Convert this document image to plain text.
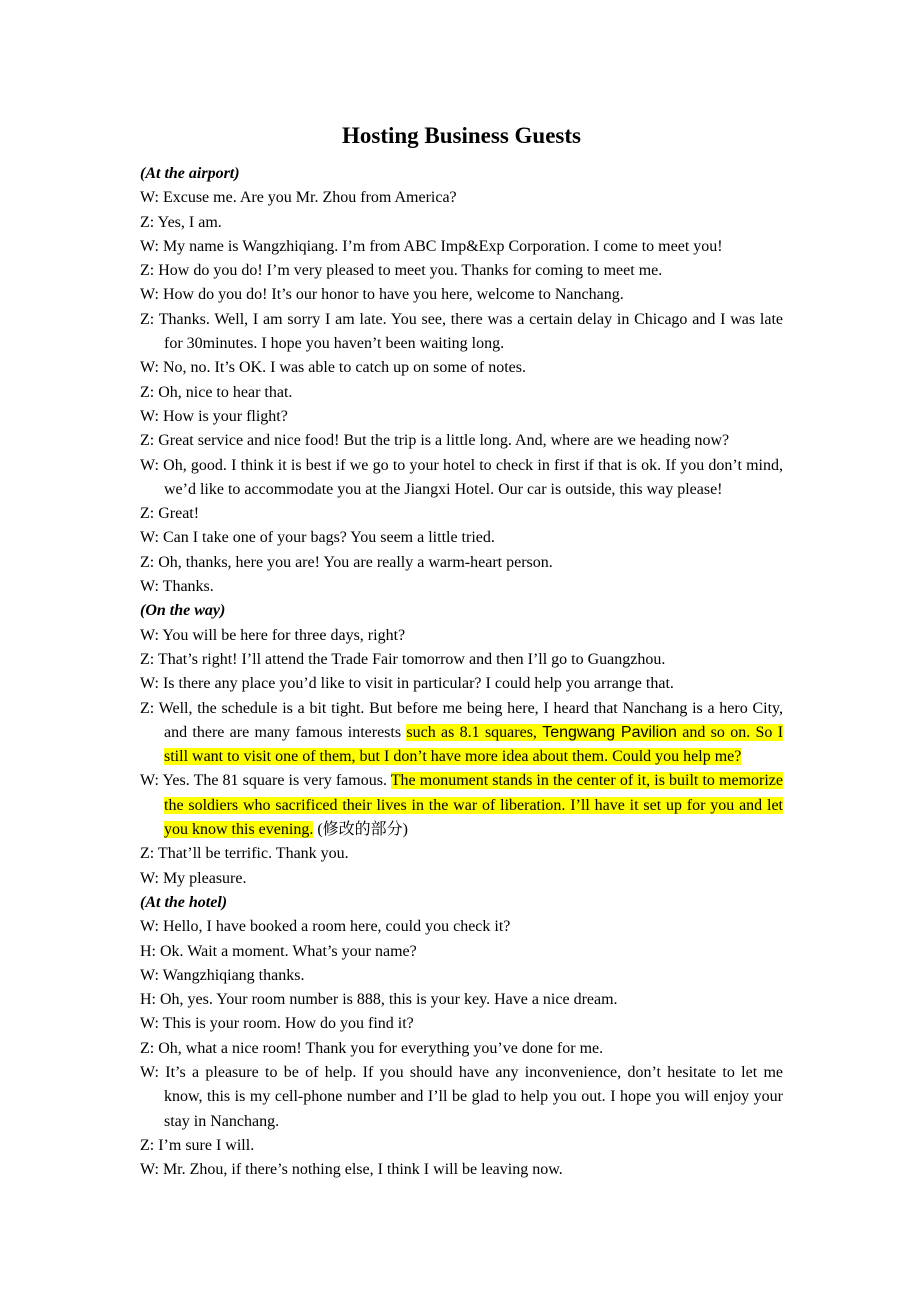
Hosting Business Guests

(At the airport)

W: Excuse me. Are you Mr. Zhou from America?

Z: Yes, I am.

W: My name is Wangzhiqiang. I’m from ABC Imp&Exp Corporation. I come to meet you!

Z: How do you do! I’m very pleased to meet you. Thanks for coming to meet me.

W: How do you do! It’s our honor to have you here, welcome to Nanchang.

Z: Thanks. Well, I am sorry I am late. You see, there was a certain delay in Chicago and I was late for 30minutes. I hope you haven’t been waiting long.

W: No, no. It’s OK. I was able to catch up on some of notes.

Z: Oh, nice to hear that.

W: How is your flight?

Z: Great service and nice food! But the trip is a little long. And, where are we heading now?

W: Oh, good. I think it is best if we go to your hotel to check in first if that is ok. If you don’t mind, we’d like to accommodate you at the Jiangxi Hotel. Our car is outside, this way please!

Z: Great!

W: Can I take one of your bags? You seem a little tried.

Z: Oh, thanks, here you are! You are really a warm-heart person.

W: Thanks.

(On the way)

W: You will be here for three days, right?

Z: That’s right! I’ll attend the Trade Fair tomorrow and then I’ll go to Guangzhou.

W: Is there any place you’d like to visit in particular? I could help you arrange that.

Z: Well, the schedule is a bit tight. But before me being here, I heard that Nanchang is a hero City, and there are many famous interests such as 8.1 squares, Tengwang Pavilion and so on. So I still want to visit one of them, but I don’t have more idea about them. Could you help me?

W: Yes. The 81 square is very famous. The monument stands in the center of it, is built to memorize the soldiers who sacrificed their lives in the war of liberation. I’ll have it set up for you and let you know this evening. (修改的部分)

Z: That’ll be terrific. Thank you.

W: My pleasure.

(At the hotel)

W: Hello, I have booked a room here, could you check it?

H: Ok. Wait a moment. What’s your name?

W: Wangzhiqiang thanks.

H: Oh, yes. Your room number is 888, this is your key. Have a nice dream.

W: This is your room. How do you find it?

Z: Oh, what a nice room! Thank you for everything you’ve done for me.

W: It’s a pleasure to be of help. If you should have any inconvenience, don’t hesitate to let me know, this is my cell-phone number and I’ll be glad to help you out. I hope you will enjoy your stay in Nanchang.

Z: I’m sure I will.

W: Mr. Zhou, if there’s nothing else, I think I will be leaving now.
